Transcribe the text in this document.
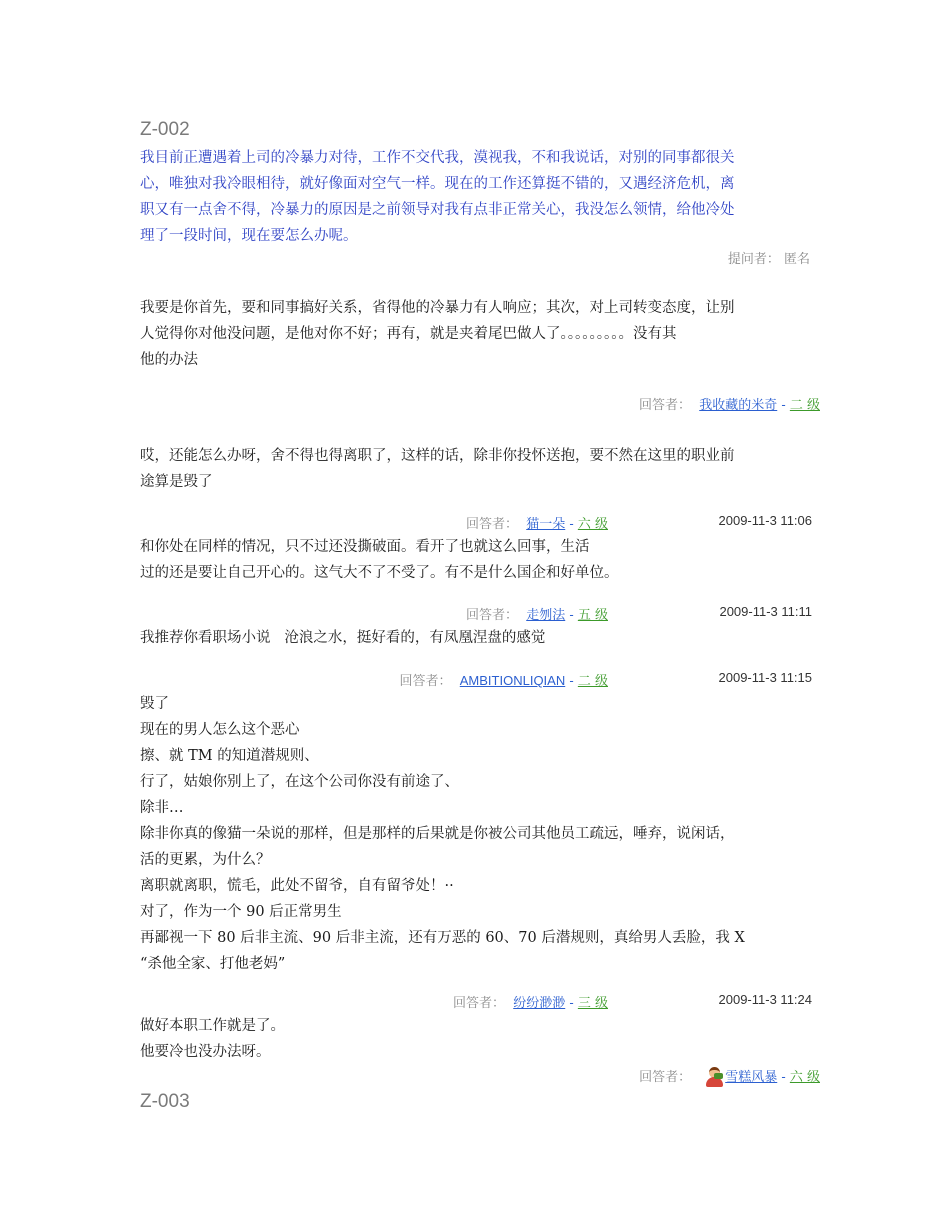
Z-002
我目前正遭遇着上司的冷暴力对待，工作不交代我，漠视我，不和我说话，对别的同事都很关
心，唯独对我冷眼相待，就好像面对空气一样。现在的工作还算挺不错的，又遇经济危机，离
职又有一点舍不得，冷暴力的原因是之前领导对我有点非正常关心，我没怎么领情，给他冷处
理了一段时间，现在要怎么办呢。
提问者： 匿名
我要是你首先，要和同事搞好关系，省得他的冷暴力有人响应；其次，对上司转变态度，让别
人觉得你对他没问题，是他对你不好；再有，就是夹着尾巴做人了。。。。。。。。。没有其
他的办法
回答者： 我收藏的米奇 - 二 级
哎，还能怎么办呀，舍不得也得离职了，这样的话，除非你投怀送抱，要不然在这里的职业前
途算是毁了
回答者： 猫一朵 - 六 级	2009-11-3 11:06
和你处在同样的情况，只不过还没撕破面。看开了也就这么回事，生活
过的还是要让自己开心的。这气大不了不受了。有不是什么国企和好单位。
回答者： 走刎法 - 五 级	2009-11-3 11:11
我推荐你看职场小说   沧浪之水，挺好看的，有凤凰涅盘的感觉
回答者： AMBITIONLIQIAN - 二 级	2009-11-3 11:15
毁了
现在的男人怎么这个恶心
擦、就 TM 的知道潜规则、
行了，姑娘你别上了，在这个公司你没有前途了、
除非…
除非你真的像猫一朵说的那样，但是那样的后果就是你被公司其他员工疏远，唾弃，说闲话，
活的更累，为什么？
离职就离职，慌毛，此处不留爷，自有留爷处！··
对了，作为一个 90 后正常男生
再鄙视一下 80 后非主流、90 后非主流，还有万恶的 60、70 后潜规则，真给男人丢脸，我 X
“杀他全家、打他老妈”
回答者： 纷纷渺渺 - 三 级	2009-11-3 11:24
做好本职工作就是了。
他要冷也没办法呀。
回答者：	雪糕风暴 - 六 级
Z-003
